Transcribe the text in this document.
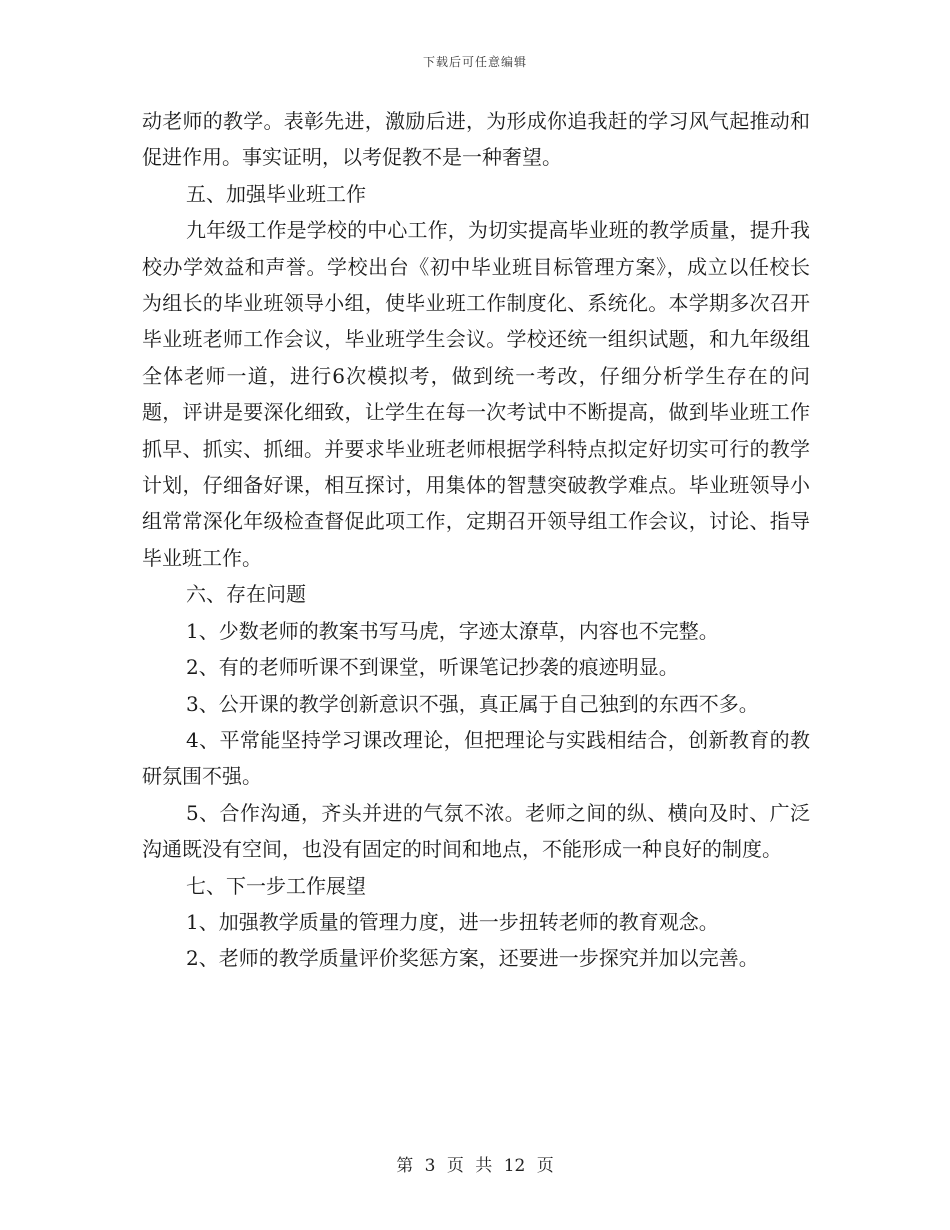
下载后可任意编辑

动老师的教学。表彰先进，激励后进，为形成你追我赶的学习风气起推动和促进作用。事实证明，以考促教不是一种奢望。

五、加强毕业班工作

九年级工作是学校的中心工作，为切实提高毕业班的教学质量，提升我校办学效益和声誉。学校出台《初中毕业班目标管理方案》，成立以任校长为组长的毕业班领导小组，使毕业班工作制度化、系统化。本学期多次召开毕业班老师工作会议，毕业班学生会议。学校还统一组织试题，和九年级组全体老师一道，进行6次模拟考，做到统一考改，仔细分析学生存在的问题，评讲是要深化细致，让学生在每一次考试中不断提高，做到毕业班工作抓早、抓实、抓细。并要求毕业班老师根据学科特点拟定好切实可行的教学计划，仔细备好课，相互探讨，用集体的智慧突破教学难点。毕业班领导小组常常深化年级检查督促此项工作，定期召开领导组工作会议，讨论、指导毕业班工作。

六、存在问题

1、少数老师的教案书写马虎，字迹太潦草，内容也不完整。

2、有的老师听课不到课堂，听课笔记抄袭的痕迹明显。

3、公开课的教学创新意识不强，真正属于自己独到的东西不多。

4、平常能坚持学习课改理论，但把理论与实践相结合，创新教育的教研氛围不强。

5、合作沟通，齐头并进的气氛不浓。老师之间的纵、横向及时、广泛沟通既没有空间，也没有固定的时间和地点，不能形成一种良好的制度。

七、下一步工作展望

1、加强教学质量的管理力度，进一步扭转老师的教育观念。

2、老师的教学质量评价奖惩方案，还要进一步探究并加以完善。

第 3 页 共 12 页
